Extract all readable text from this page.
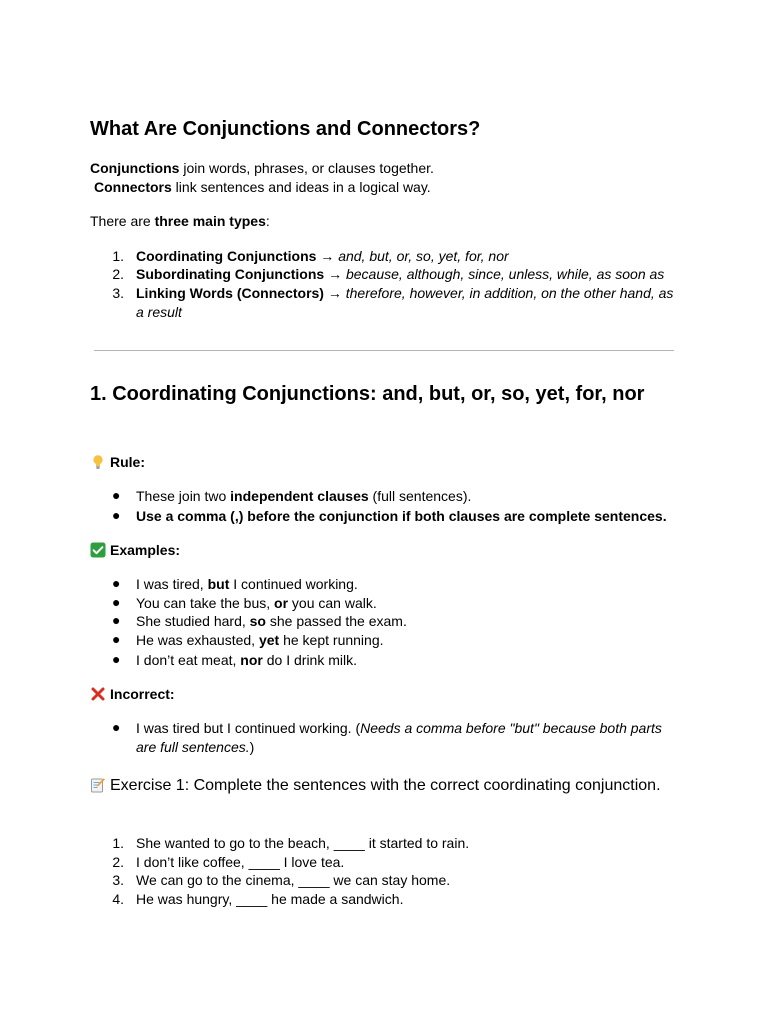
What Are Conjunctions and Connectors?
Conjunctions join words, phrases, or clauses together.
Connectors link sentences and ideas in a logical way.
There are three main types:
1. Coordinating Conjunctions → and, but, or, so, yet, for, nor
2. Subordinating Conjunctions → because, although, since, unless, while, as soon as
3. Linking Words (Connectors) → therefore, however, in addition, on the other hand, as a result
1. Coordinating Conjunctions: and, but, or, so, yet, for, nor
Rule:
● These join two independent clauses (full sentences).
● Use a comma (,) before the conjunction if both clauses are complete sentences.
Examples:
● I was tired, but I continued working.
● You can take the bus, or you can walk.
● She studied hard, so she passed the exam.
● He was exhausted, yet he kept running.
● I don’t eat meat, nor do I drink milk.
Incorrect:
● I was tired but I continued working. (Needs a comma before "but" because both parts are full sentences.)
Exercise 1: Complete the sentences with the correct coordinating conjunction.
1. She wanted to go to the beach, ____ it started to rain.
2. I don’t like coffee, ____ I love tea.
3. We can go to the cinema, ____ we can stay home.
4. He was hungry, ____ he made a sandwich.
